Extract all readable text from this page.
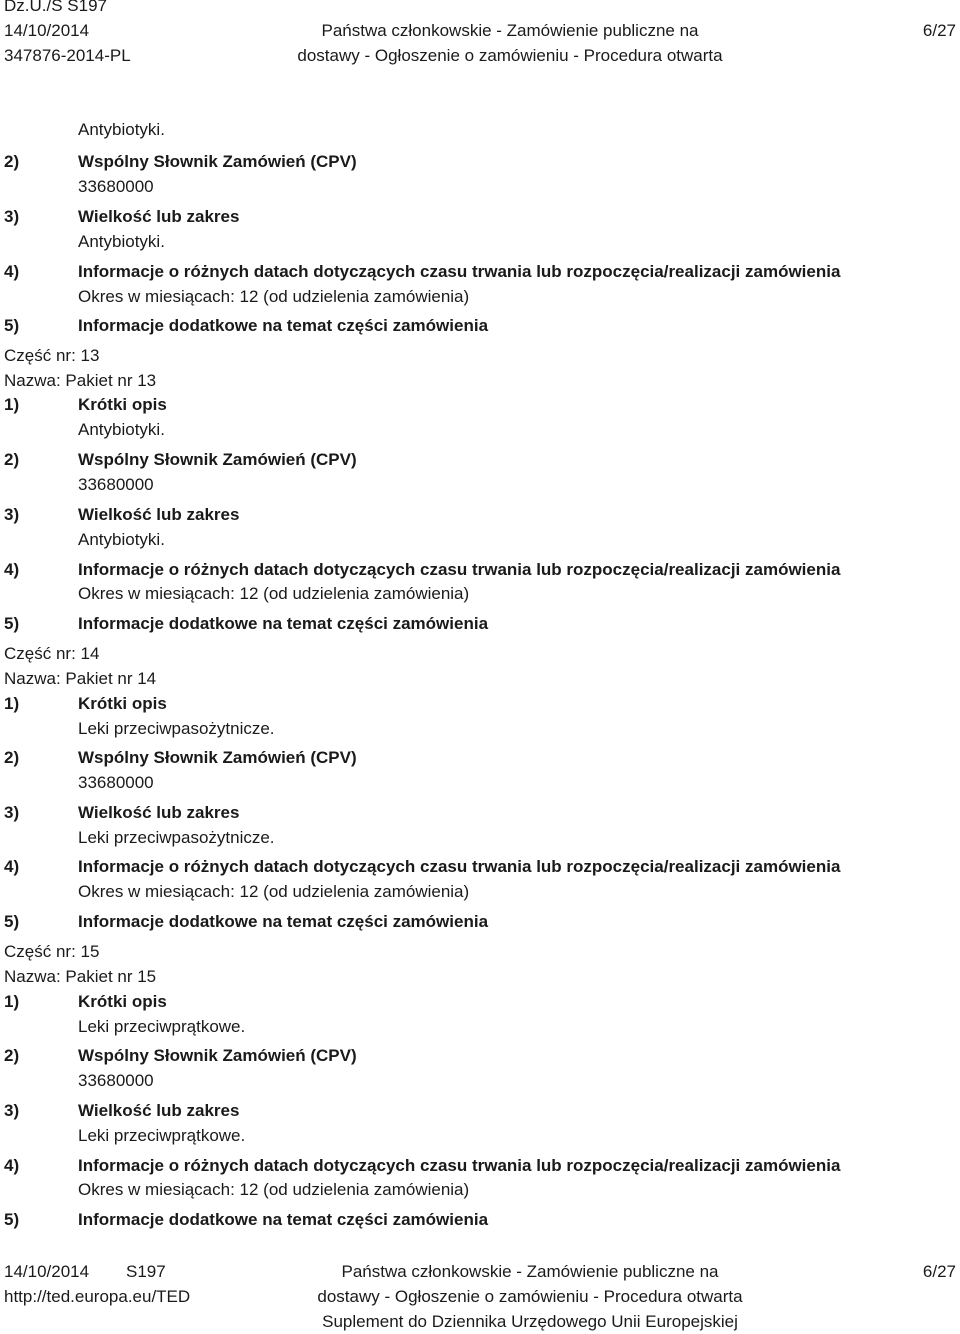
Dz.U./S S197
14/10/2014
347876-2014-PL
Państwa członkowskie - Zamówienie publiczne na
dostawy - Ogłoszenie o zamówieniu - Procedura otwarta
6/27
Antybiotyki.
2)	Wspólny Słownik Zamówień (CPV)
33680000
3)	Wielkość lub zakres
Antybiotyki.
4)	Informacje o różnych datach dotyczących czasu trwania lub rozpoczęcia/realizacji zamówienia
Okres w miesiącach: 12 (od udzielenia zamówienia)
5)	Informacje dodatkowe na temat części zamówienia
Część nr: 13
Nazwa: Pakiet nr 13
1)	Krótki opis
Antybiotyki.
2)	Wspólny Słownik Zamówień (CPV)
33680000
3)	Wielkość lub zakres
Antybiotyki.
4)	Informacje o różnych datach dotyczących czasu trwania lub rozpoczęcia/realizacji zamówienia
Okres w miesiącach: 12 (od udzielenia zamówienia)
5)	Informacje dodatkowe na temat części zamówienia
Część nr: 14
Nazwa: Pakiet nr 14
1)	Krótki opis
Leki przeciwpasożytnicze.
2)	Wspólny Słownik Zamówień (CPV)
33680000
3)	Wielkość lub zakres
Leki przeciwpasożytnicze.
4)	Informacje o różnych datach dotyczących czasu trwania lub rozpoczęcia/realizacji zamówienia
Okres w miesiącach: 12 (od udzielenia zamówienia)
5)	Informacje dodatkowe na temat części zamówienia
Część nr: 15
Nazwa: Pakiet nr 15
1)	Krótki opis
Leki przeciwprątkowe.
2)	Wspólny Słownik Zamówień (CPV)
33680000
3)	Wielkość lub zakres
Leki przeciwprątkowe.
4)	Informacje o różnych datach dotyczących czasu trwania lub rozpoczęcia/realizacji zamówienia
Okres w miesiącach: 12 (od udzielenia zamówienia)
5)	Informacje dodatkowe na temat części zamówienia
14/10/2014 S197
http://ted.europa.eu/TED
Państwa członkowskie - Zamówienie publiczne na
dostawy - Ogłoszenie o zamówieniu - Procedura otwarta
Suplement do Dziennika Urzędowego Unii Europejskiej
6/27
